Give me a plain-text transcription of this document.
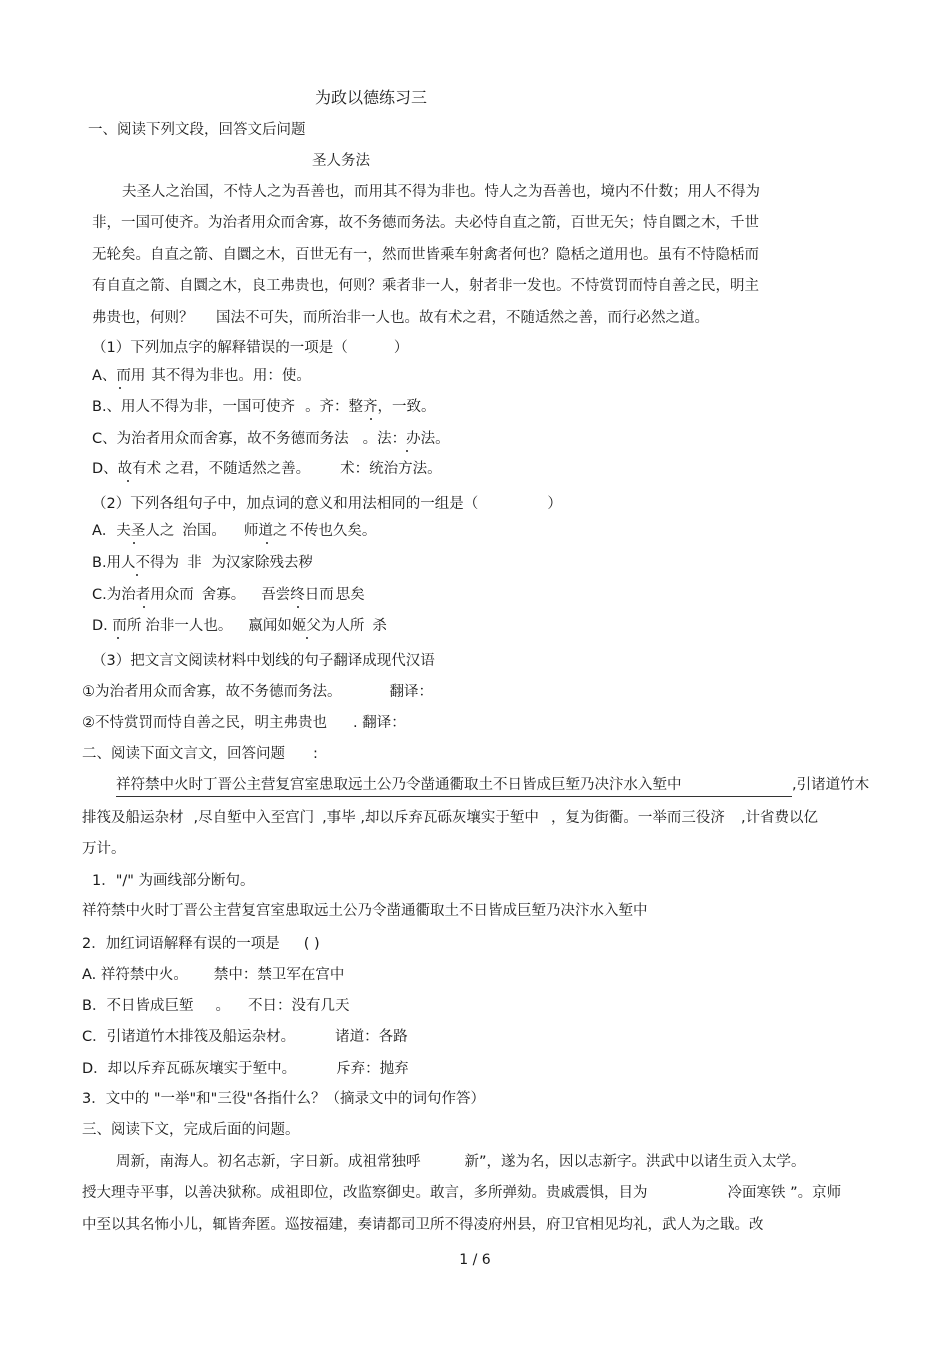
为政以德练习三
一、阅读下列文段，回答文后问题
圣人务法
夫圣人之治国，不恃人之为吾善也，而用其不得为非也。恃人之为吾善也，境内不什数；用人不得为
非，一国可使齐。为治者用众而舍寡，故不务德而务法。夫必恃自直之箭，百世无矢；恃自圜之木，千世
无轮矣。自直之箭、自圜之木，百世无有一，然而世皆乘车射禽者何也？隐栝之道用也。虽有不恃隐栝而
有自直之箭、自圜之木，良工弗贵也，何则？乘者非一人，射者非一发也。不恃赏罚而恃自善之民，明主
弗贵也，何则？ 国法不可失，而所治非一人也。故有术之君，不随适然之善，而行必然之道。
（1）下列加点字的解释错误的一项是（          ）
A、而用 其不得为非也。用：使。
B.、用人不得为非，一国可使齐 。齐：整齐，一致。
C、为治者用众而舍寡，故不务德而务法 。法：办法。
D、故有术 之君，不随适然之善。 术：统治方法。
（2）下列各组句子中，加点词的意义和用法相同的一组是（               ）
A．夫圣人之 治国。 师道之 不传也久矣。
B.用人不得为 非 为汉家除残去秽
C.为治者用众而 舍寡。 吾尝终日而 思矣
D. 而所 治非一人也。 嬴闻如姬父为人所 杀
（3）把文言文阅读材料中划线的句子翻译成现代汉语
①为治者用众而舍寡，故不务德而务法。	翻译：
②不恃赏罚而恃自善之民，明主弗贵也 . 翻译：
二、阅读下面文言文，回答问题 :
祥符禁中火时丁晋公主营复宫室患取远土公乃令凿通衢取土不日皆成巨堑乃决汴水入堑中	,引诸道竹木
排筏及船运杂材 ,尽自堑中入至宫门 ,事毕 ,却以斥弃瓦砾灰壤实于堑中 ，复为街衢。一举而三役济 ,计省费以亿
万计。
1．"/" 为画线部分断句。
祥符禁中火时丁晋公主营复宫室患取远土公乃令凿通衢取土不日皆成巨堑乃决汴水入堑中
2．加红词语解释有误的一项是 ( )
A. 祥符禁中火。 禁中：禁卫军在宫中
B．不日皆成巨堑 。 不日：没有几天
C．引诸道竹木排筏及船运杂材。	诸道：各路
D．却以斥弃瓦砾灰壤实于堑中。	斥弃：抛弃
3．文中的 "一举"和"三役"各指什么？（摘录文中的词句作答）
三、阅读下文，完成后面的问题。
周新，南海人。初名志新，字日新。成祖常独呼	新”，遂为名，因以志新字。洪武中以诸生贡入太学。
授大理寺平事，以善决狱称。成祖即位，改监察御史。敢言，多所弹劾。贵戚震惧，目为	冷面寒铁 ”。京师
中至以其名怖小儿，辄皆奔匿。巡按福建，奏请都司卫所不得凌府州县，府卫官相见均礼，武人为之戢。改
1 / 6
